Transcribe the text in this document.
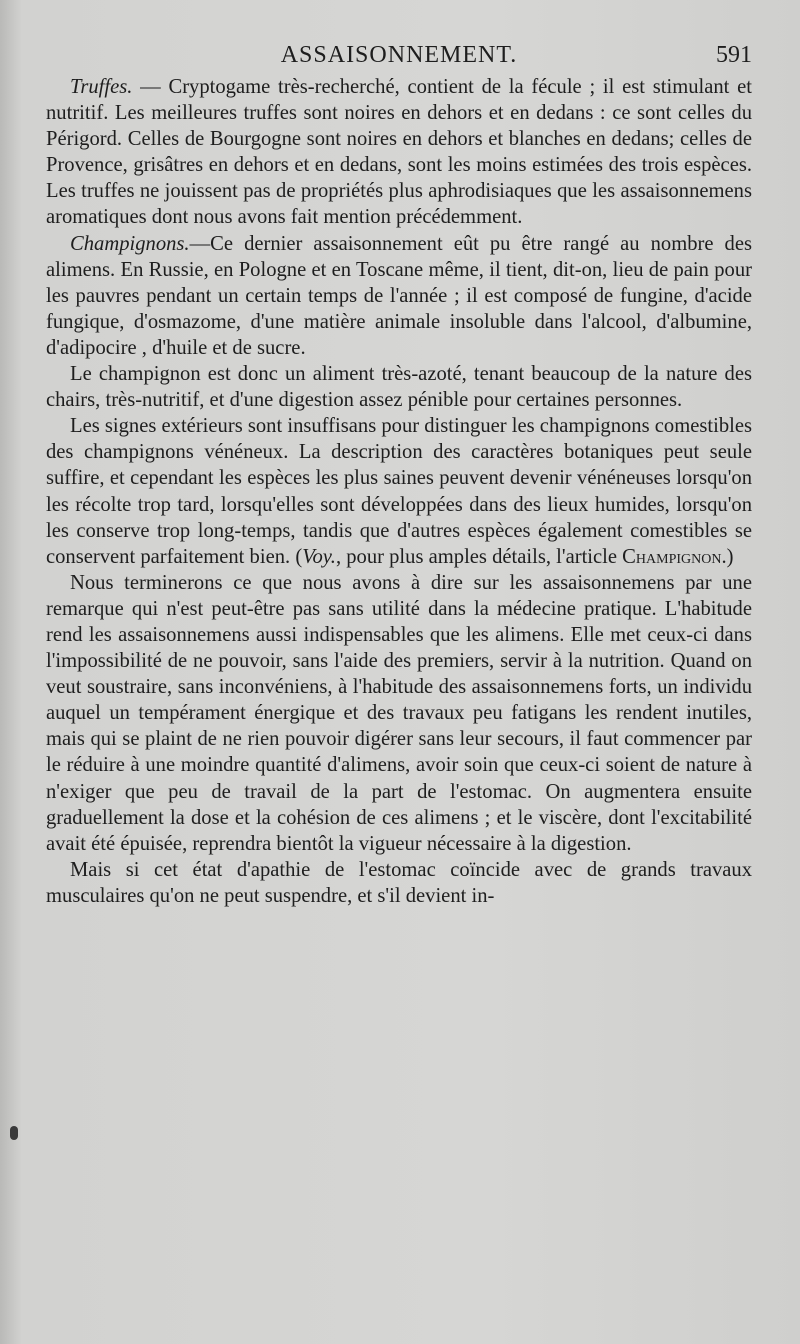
ASSAISONNEMENT.	591

Truffes. — Cryptogame très-recherché, contient de la fécule ; il est stimulant et nutritif. Les meilleures truffes sont noires en dehors et en dedans : ce sont celles du Périgord. Celles de Bourgogne sont noires en dehors et blanches en dedans; celles de Provence, grisâtres en dehors et en dedans, sont les moins estimées des trois espèces. Les truffes ne jouissent pas de propriétés plus aphrodisiaques que les assaisonnemens aromatiques dont nous avons fait mention précédemment.

Champignons.—Ce dernier assaisonnement eût pu être rangé au nombre des alimens. En Russie, en Pologne et en Toscane même, il tient, dit-on, lieu de pain pour les pauvres pendant un certain temps de l'année ; il est composé de fungine, d'acide fungique, d'osmazome, d'une matière animale insoluble dans l'alcool, d'albumine, d'adipocire , d'huile et de sucre.

Le champignon est donc un aliment très-azoté, tenant beaucoup de la nature des chairs, très-nutritif, et d'une digestion assez pénible pour certaines personnes.

Les signes extérieurs sont insuffisans pour distinguer les champignons comestibles des champignons vénéneux. La description des caractères botaniques peut seule suffire, et cependant les espèces les plus saines peuvent devenir vénéneuses lorsqu'on les récolte trop tard, lorsqu'elles sont développées dans des lieux humides, lorsqu'on les conserve trop long-temps, tandis que d'autres espèces également comestibles se conservent parfaitement bien. (Voy., pour plus amples détails, l'article Champignon.)

Nous terminerons ce que nous avons à dire sur les assaisonnemens par une remarque qui n'est peut-être pas sans utilité dans la médecine pratique. L'habitude rend les assaisonnemens aussi indispensables que les alimens. Elle met ceux-ci dans l'impossibilité de ne pouvoir, sans l'aide des premiers, servir à la nutrition. Quand on veut soustraire, sans inconvéniens, à l'habitude des assaisonnemens forts, un individu auquel un tempérament énergique et des travaux peu fatigans les rendent inutiles, mais qui se plaint de ne rien pouvoir digérer sans leur secours, il faut commencer par le réduire à une moindre quantité d'alimens, avoir soin que ceux-ci soient de nature à n'exiger que peu de travail de la part de l'estomac. On augmentera ensuite graduellement la dose et la cohésion de ces alimens ; et le viscère, dont l'excitabilité avait été épuisée, reprendra bientôt la vigueur nécessaire à la digestion.

Mais si cet état d'apathie de l'estomac coïncide avec de grands travaux musculaires qu'on ne peut suspendre, et s'il devient in-
